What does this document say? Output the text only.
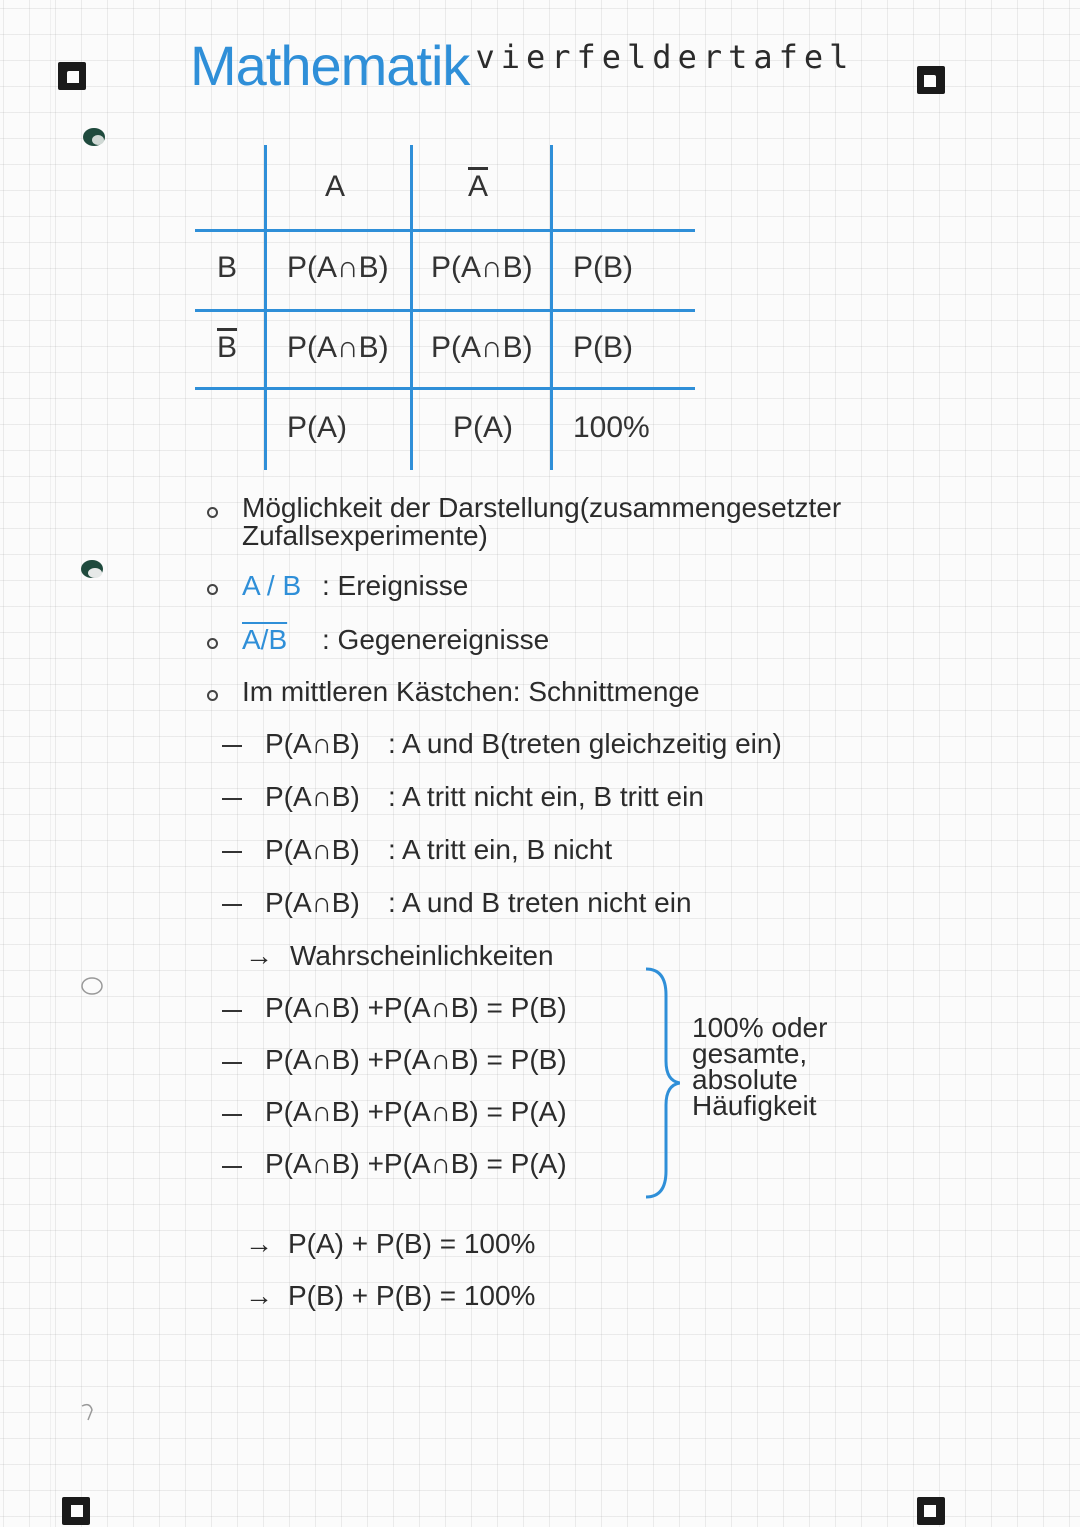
Mathematik vierfeldertafel
A	$\overline{A}$
B
$\overline{B}$
P(A∩B) P(A∩B) P(B)
P(A∩B) P(A∩B) P(B)
P(A)	P(A) 100%
Möglichkeit der Darstellung(zusammengesetzter
Zufallsexperimente)
A / B : Ereignisse
A/B : Gegenereignisse
Im mittleren Kästchen: Schnittmenge
P(A∩B) : A und B(treten gleichzeitig ein)
P(A∩B) : A tritt nicht ein, B tritt ein
P(A∩B) : A tritt ein, B nicht
P(A∩B) : A und B treten nicht ein
→ Wahrscheinlichkeiten
P(A∩B) +P(A∩B) = P(B)
P(A∩B) +P(A∩B) = P(B)
P(A∩B) +P(A∩B) = P(A)
P(A∩B) +P(A∩B) = P(A)
100% oder
gesamte,
absolute
Häufigkeit
→ P(A) + P(B) = 100%
→ P(B) + P(B) = 100%
